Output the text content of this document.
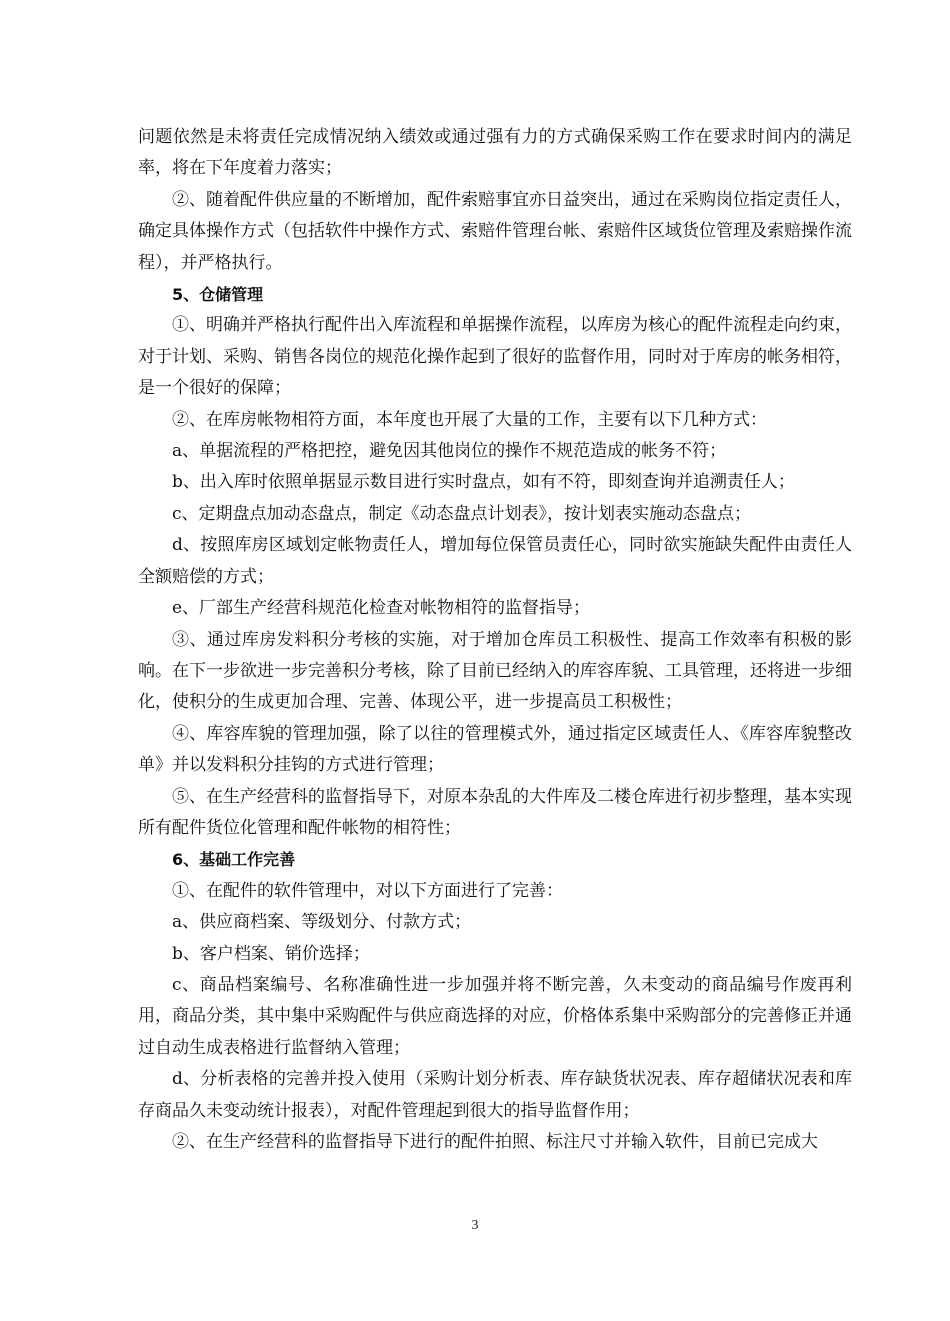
问题依然是未将责任完成情况纳入绩效或通过强有力的方式确保采购工作在要求时间内的满足率，将在下年度着力落实；

②、随着配件供应量的不断增加，配件索赔事宜亦日益突出，通过在采购岗位指定责任人，确定具体操作方式（包括软件中操作方式、索赔件管理台帐、索赔件区域货位管理及索赔操作流程），并严格执行。

5、仓储管理

①、明确并严格执行配件出入库流程和单据操作流程，以库房为核心的配件流程走向约束，对于计划、采购、销售各岗位的规范化操作起到了很好的监督作用，同时对于库房的帐务相符，是一个很好的保障；

②、在库房帐物相符方面，本年度也开展了大量的工作，主要有以下几种方式：

a、单据流程的严格把控，避免因其他岗位的操作不规范造成的帐务不符；

b、出入库时依照单据显示数目进行实时盘点，如有不符，即刻查询并追溯责任人；

c、定期盘点加动态盘点，制定《动态盘点计划表》，按计划表实施动态盘点；

d、按照库房区域划定帐物责任人，增加每位保管员责任心，同时欲实施缺失配件由责任人全额赔偿的方式；

e、厂部生产经营科规范化检查对帐物相符的监督指导；

③、通过库房发料积分考核的实施，对于增加仓库员工积极性、提高工作效率有积极的影响。在下一步欲进一步完善积分考核，除了目前已经纳入的库容库貌、工具管理，还将进一步细化，使积分的生成更加合理、完善、体现公平，进一步提高员工积极性；

④、库容库貌的管理加强，除了以往的管理模式外，通过指定区域责任人、《库容库貌整改单》并以发料积分挂钩的方式进行管理；

⑤、在生产经营科的监督指导下，对原本杂乱的大件库及二楼仓库进行初步整理，基本实现所有配件货位化管理和配件帐物的相符性；

6、基础工作完善

①、在配件的软件管理中，对以下方面进行了完善：

a、供应商档案、等级划分、付款方式；

b、客户档案、销价选择；

c、商品档案编号、名称准确性进一步加强并将不断完善，久未变动的商品编号作废再利用，商品分类，其中集中采购配件与供应商选择的对应，价格体系集中采购部分的完善修正并通过自动生成表格进行监督纳入管理；

d、分析表格的完善并投入使用（采购计划分析表、库存缺货状况表、库存超储状况表和库存商品久未变动统计报表），对配件管理起到很大的指导监督作用；

②、在生产经营科的监督指导下进行的配件拍照、标注尺寸并输入软件，目前已完成大

3
